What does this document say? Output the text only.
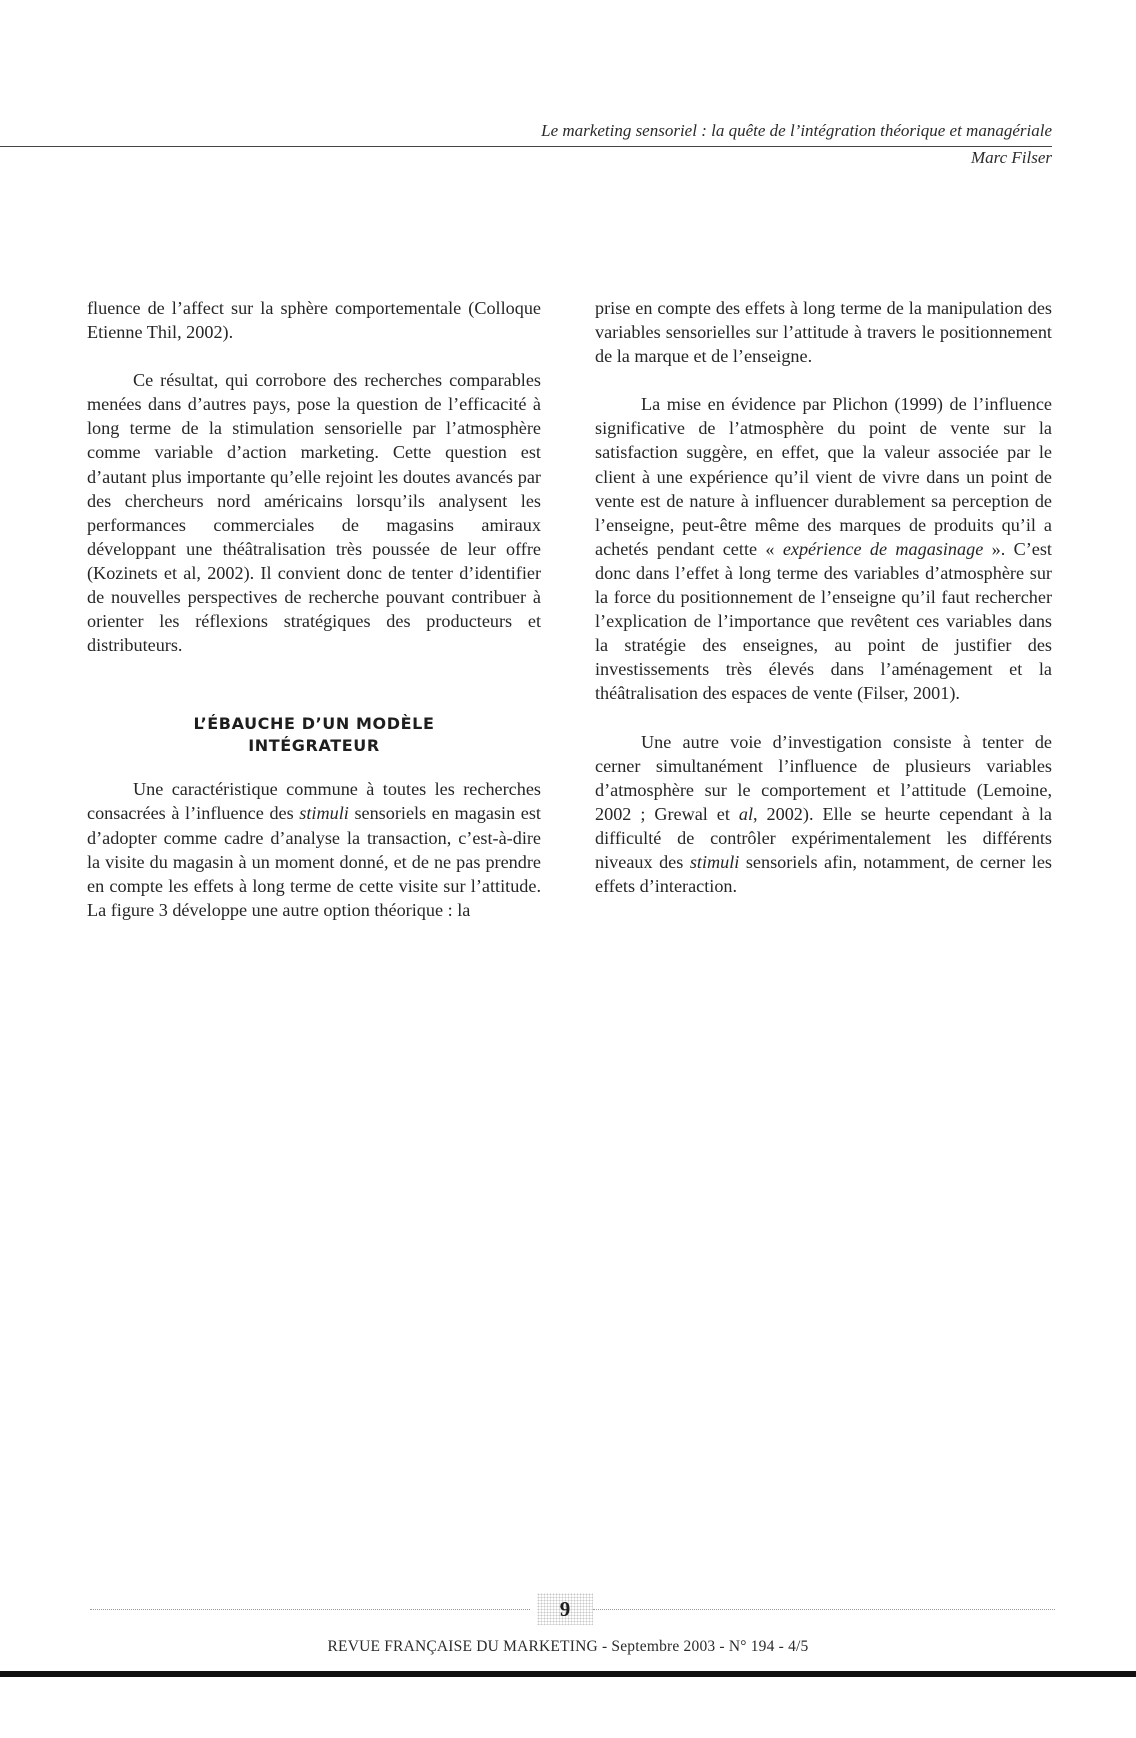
Le marketing sensoriel : la quête de l’intégration théorique et managériale
Marc Filser

fluence de l’affect sur la sphère comportementale (Colloque Etienne Thil, 2002).

Ce résultat, qui corrobore des recherches comparables menées dans d’autres pays, pose la question de l’efficacité à long terme de la stimulation sensorielle par l’atmosphère comme variable d’action marketing. Cette question est d’autant plus importante qu’elle rejoint les doutes avancés par des chercheurs nord américains lorsqu’ils analysent les performances commerciales de magasins amiraux développant une théâtralisation très poussée de leur offre (Kozinets et al, 2002). Il convient donc de tenter d’identifier de nouvelles perspectives de recherche pouvant contribuer à orienter les réflexions stratégiques des producteurs et distributeurs.

L’ÉBAUCHE D’UN MODÈLE
INTÉGRATEUR

Une caractéristique commune à toutes les recherches consacrées à l’influence des stimuli sensoriels en magasin est d’adopter comme cadre d’analyse la transaction, c’est-à-dire la visite du magasin à un moment donné, et de ne pas prendre en compte les effets à long terme de cette visite sur l’attitude. La figure 3 développe une autre option théorique : la

prise en compte des effets à long terme de la manipulation des variables sensorielles sur l’attitude à travers le positionnement de la marque et de l’enseigne.

La mise en évidence par Plichon (1999) de l’influence significative de l’atmosphère du point de vente sur la satisfaction suggère, en effet, que la valeur associée par le client à une expérience qu’il vient de vivre dans un point de vente est de nature à influencer durablement sa perception de l’enseigne, peut-être même des marques de produits qu’il a achetés pendant cette « expérience de magasinage ». C’est donc dans l’effet à long terme des variables d’atmosphère sur la force du positionnement de l’enseigne qu’il faut rechercher l’explication de l’importance que revêtent ces variables dans la stratégie des enseignes, au point de justifier des investissements très élevés dans l’aménagement et la théâtralisation des espaces de vente (Filser, 2001).

Une autre voie d’investigation consiste à tenter de cerner simultanément l’influence de plusieurs variables d’atmosphère sur le comportement et l’attitude (Lemoine, 2002 ; Grewal et al, 2002). Elle se heurte cependant à la difficulté de contrôler expérimentalement les différents niveaux des stimuli sensoriels afin, notamment, de cerner les effets d’interaction.

9
REVUE FRANÇAISE DU MARKETING - Septembre 2003 - N° 194 - 4/5
